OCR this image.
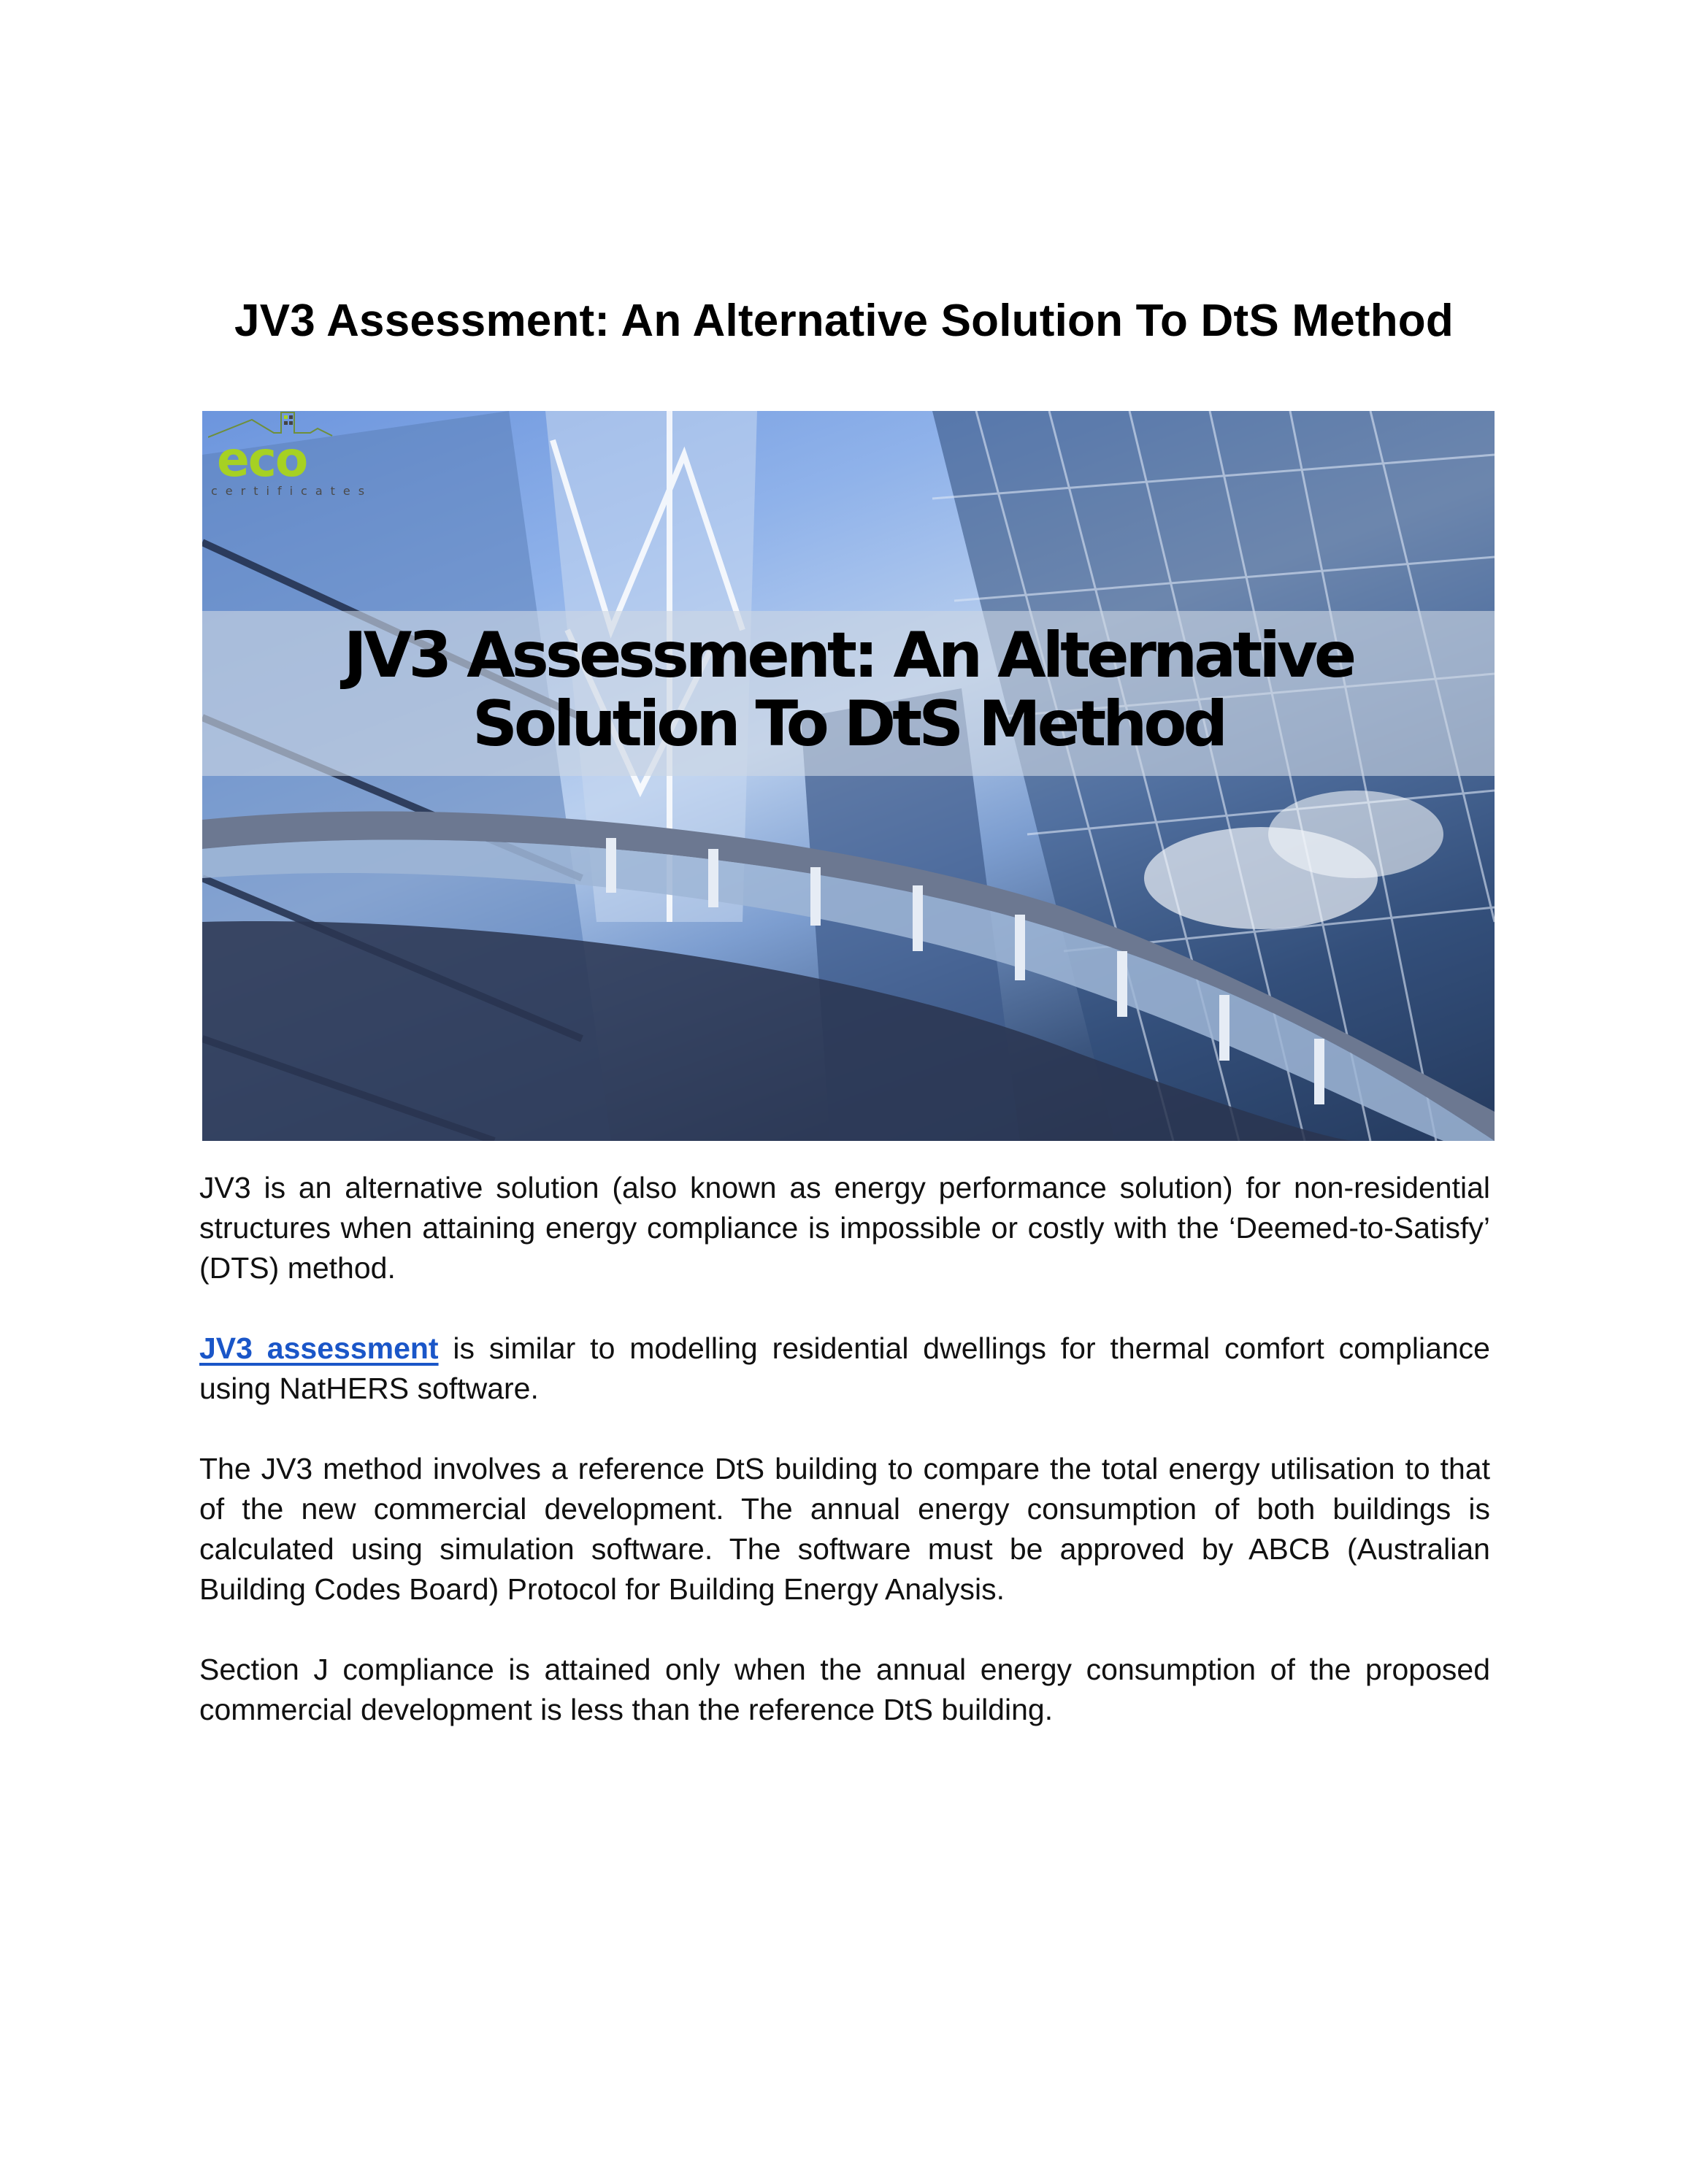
JV3 Assessment: An Alternative Solution To DtS Method
eco
certificates
JV3 Assessment: An Alternative
Solution To DtS Method

JV3 is an alternative solution (also known as energy performance solution) for non-residential structures when attaining energy compliance is impossible or costly with the ‘Deemed-to-Satisfy’ (DTS) method.

JV3 assessment is similar to modelling residential dwellings for thermal comfort compliance using NatHERS software.

The JV3 method involves a reference DtS building to compare the total energy utilisation to that of the new commercial development. The annual energy consumption of both buildings is calculated using simulation software. The software must be approved by ABCB (Australian Building Codes Board) Protocol for Building Energy Analysis.

Section J compliance is attained only when the annual energy consumption of the proposed commercial development is less than the reference DtS building.
